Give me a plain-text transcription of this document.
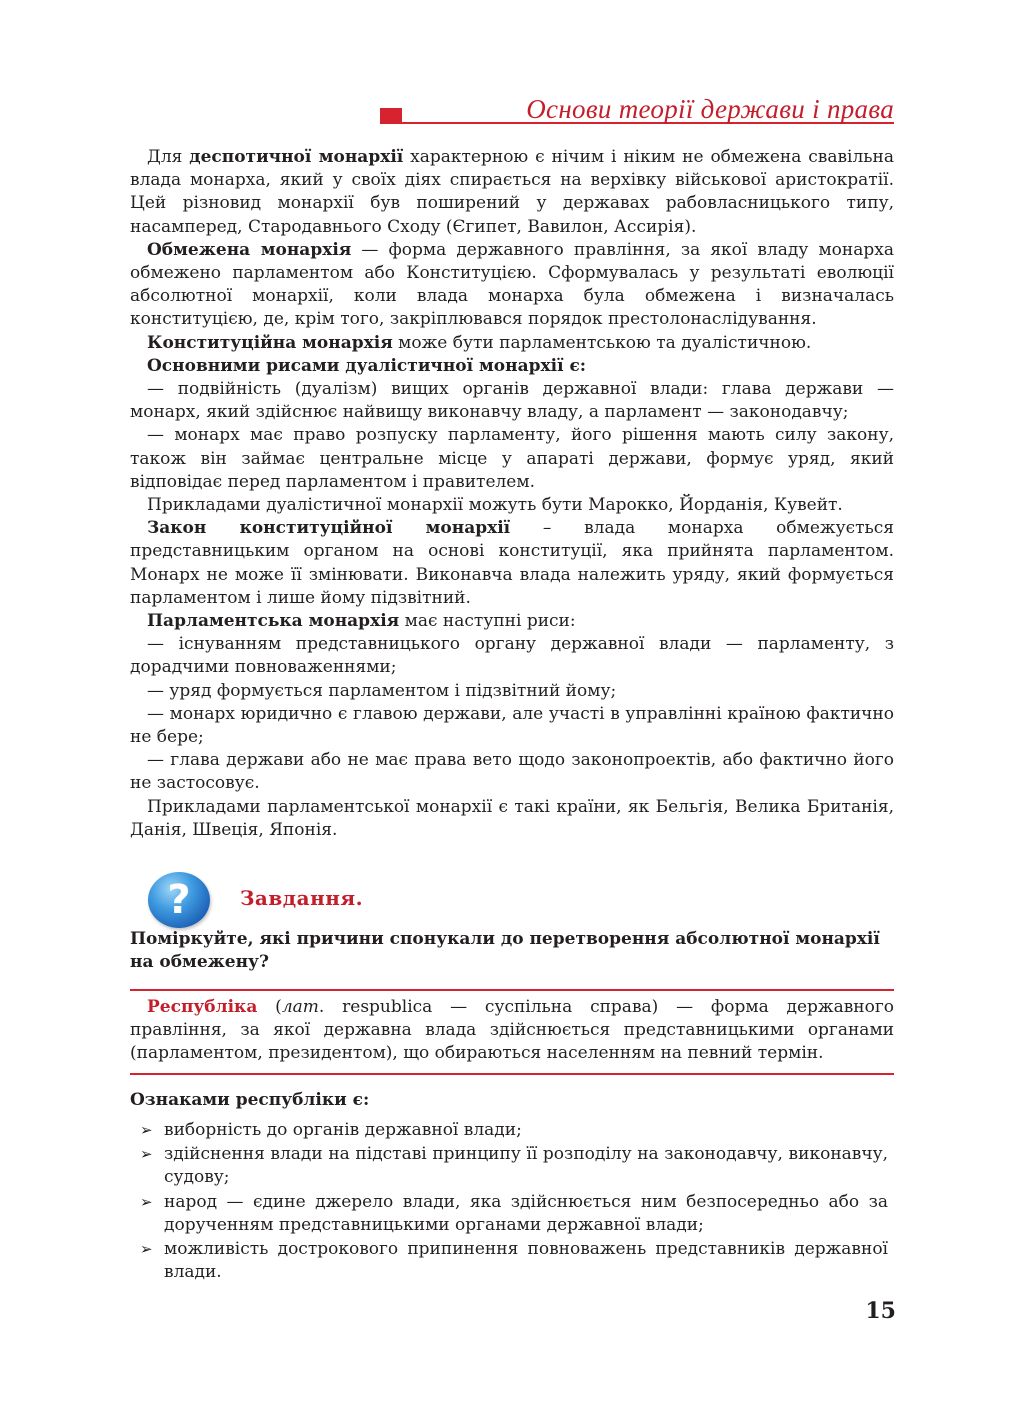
Основи теорії держави і права

Для деспотичної монархії характерною є нічим і ніким не обмежена свавільна влада монарха, який у своїх діях спирається на верхівку військової аристократії. Цей різновид монархії був поширений у державах рабовласницького типу, насамперед, Стародавнього Сходу (Єгипет, Вавилон, Ассирія).

Обмежена монархія — форма державного правління, за якої владу монарха обмежено парламентом або Конституцією. Сформувалась у результаті еволюції абсолютної монархії, коли влада монарха була обмежена і визначалась конституцією, де, крім того, закріплювався порядок престолонаслідування.

Конституційна монархія може бути парламентською та дуалістичною.

Основними рисами дуалістичної монархії є:

— подвійність (дуалізм) вищих органів державної влади: глава держави — монарх, який здійснює найвищу виконавчу владу, а парламент — законодавчу;

— монарх має право розпуску парламенту, його рішення мають силу закону, також він займає центральне місце у апараті держави, формує уряд, який відповідає перед парламентом і правителем.

Прикладами дуалістичної монархії можуть бути Марокко, Йорданія, Кувейт.

Закон конституційної монархії – влада монарха обмежується представницьким органом на основі конституції, яка прийнята парламентом. Монарх не може її змінювати. Виконавча влада належить уряду, який формується парламентом і лише йому підзвітний.

Парламентська монархія має наступні риси:

— існуванням представницького органу державної влади — парламенту, з дорадчими повноваженнями;

— уряд формується парламентом і підзвітний йому;

— монарх юридично є главою держави, але участі в управлінні країною фактично не бере;

— глава держави або не має права вето щодо законопроектів, або фактично його не застосовує.

Прикладами парламентської монархії є такі країни, як Бельгія, Велика Британія, Данія, Швеція, Японія.

?	Завдання.

Поміркуйте, які причини спонукали до перетворення абсолютної монархії на обмежену?

Республіка (лат. respublica — суспільна справа) — форма державного правління, за якої державна влада здійснюється представницькими органами (парламентом, президентом), що обираються населенням на певний термін.

Ознаками республіки є:
➢ виборність до органів державної влади;
➢ здійснення влади на підставі принципу її розподілу на законодавчу, виконавчу, судову;
➢ народ — єдине джерело влади, яка здійснюється ним безпосередньо або за дорученням представницькими органами державної влади;
➢ можливість дострокового припинення повноважень представників державної влади.
15
